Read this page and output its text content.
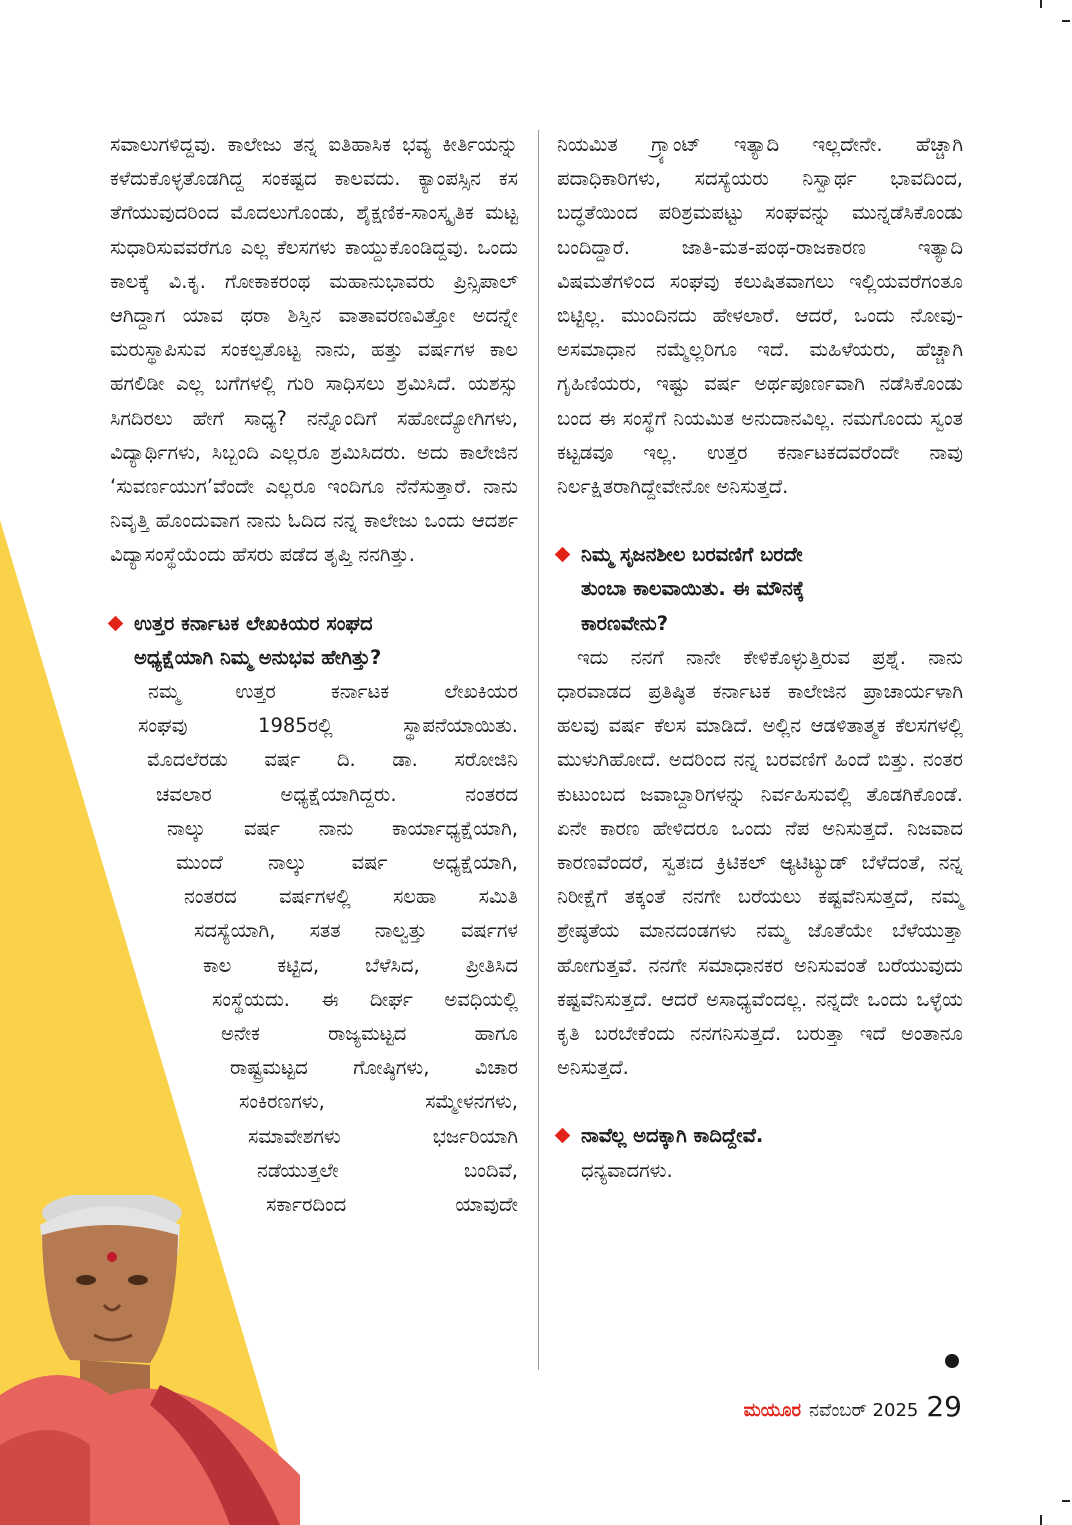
ಸವಾಲುಗಳಿದ್ದವು. ಕಾಲೇಜು ತನ್ನ ಐತಿಹಾಸಿಕ ಭವ್ಯ ಕೀರ್ತಿಯನ್ನು ಕಳೆದುಕೊಳ್ಳತೊಡಗಿದ್ದ ಸಂಕಷ್ಟದ ಕಾಲವದು. ಕ್ಯಾಂಪಸ್ಸಿನ ಕಸ ತೆಗೆಯುವುದರಿಂದ ಮೊದಲುಗೊಂಡು, ಶೈಕ್ಷಣಿಕ-ಸಾಂಸ್ಕೃತಿಕ ಮಟ್ಟ ಸುಧಾರಿಸುವವರೆಗೂ ಎಲ್ಲ ಕೆಲಸಗಳು ಕಾಯ್ದುಕೊಂಡಿದ್ದವು. ಒಂದು ಕಾಲಕ್ಕೆ ವಿ.ಕೃ. ಗೋಕಾಕರಂಥ ಮಹಾನುಭಾವರು ಪ್ರಿನ್ಸಿಪಾಲ್ ಆಗಿದ್ದಾಗ ಯಾವ ಥರಾ ಶಿಸ್ತಿನ ವಾತಾವರಣವಿತ್ತೋ ಅದನ್ನೇ ಮರುಸ್ಥಾಪಿಸುವ ಸಂಕಲ್ಪತೊಟ್ಟ ನಾನು, ಹತ್ತು ವರ್ಷಗಳ ಕಾಲ ಹಗಲಿಡೀ ಎಲ್ಲ ಬಗೆಗಳಲ್ಲಿ ಗುರಿ ಸಾಧಿಸಲು ಶ್ರಮಿಸಿದೆ. ಯಶಸ್ಸು ಸಿಗದಿರಲು ಹೇಗೆ ಸಾಧ್ಯ? ನನ್ನೊಂದಿಗೆ ಸಹೋದ್ಯೋಗಿಗಳು, ವಿದ್ಯಾರ್ಥಿಗಳು, ಸಿಬ್ಬಂದಿ ಎಲ್ಲರೂ ಶ್ರಮಿಸಿದರು. ಅದು ಕಾಲೇಜಿನ ‘ಸುವರ್ಣಯುಗ’ವೆಂದೇ ಎಲ್ಲರೂ ಇಂದಿಗೂ ನೆನೆಸುತ್ತಾರೆ. ನಾನು ನಿವೃತ್ತಿ ಹೊಂದುವಾಗ ನಾನು ಓದಿದ ನನ್ನ ಕಾಲೇಜು ಒಂದು ಆದರ್ಶ ವಿದ್ಯಾಸಂಸ್ಥೆಯೆಂದು ಹೆಸರು ಪಡೆದ ತೃಪ್ತಿ ನನಗಿತ್ತು.

ಉತ್ತರ ಕರ್ನಾಟಕ ಲೇಖಕಿಯರ ಸಂಘದ
ಅಧ್ಯಕ್ಷೆಯಾಗಿ ನಿಮ್ಮ ಅನುಭವ ಹೇಗಿತ್ತು?

ನಮ್ಮ ಉತ್ತರ ಕರ್ನಾಟಕ ಲೇಖಕಿಯರ

ಸಂಘವು 1985ರಲ್ಲಿ ಸ್ಥಾಪನೆಯಾಯಿತು.

ಮೊದಲೆರಡು ವರ್ಷ ದಿ. ಡಾ. ಸರೋಜಿನಿ

ಚವಲಾರ ಅಧ್ಯಕ್ಷೆಯಾಗಿದ್ದರು. ನಂತರದ

ನಾಲ್ಕು ವರ್ಷ ನಾನು ಕಾರ್ಯಾಧ್ಯಕ್ಷೆಯಾಗಿ,

ಮುಂದೆ ನಾಲ್ಕು ವರ್ಷ ಅಧ್ಯಕ್ಷೆಯಾಗಿ,

ನಂತರದ ವರ್ಷಗಳಲ್ಲಿ ಸಲಹಾ ಸಮಿತಿ

ಸದಸ್ಯೆಯಾಗಿ, ಸತತ ನಾಲ್ವತ್ತು ವರ್ಷಗಳ

ಕಾಲ ಕಟ್ಟಿದ, ಬೆಳೆಸಿದ, ಪ್ರೀತಿಸಿದ

ಸಂಸ್ಥೆಯದು. ಈ ದೀರ್ಘ ಅವಧಿಯಲ್ಲಿ

ಅನೇಕ ರಾಜ್ಯಮಟ್ಟದ ಹಾಗೂ

ರಾಷ್ಟ್ರಮಟ್ಟದ ಗೋಷ್ಠಿಗಳು, ವಿಚಾರ

ಸಂಕಿರಣಗಳು, ಸಮ್ಮೇಳನಗಳು,

ಸಮಾವೇಶಗಳು ಭರ್ಜರಿಯಾಗಿ

ನಡೆಯುತ್ತಲೇ ಬಂದಿವೆ,

ಸರ್ಕಾರದಿಂದ ಯಾವುದೇ

ನಿಯಮಿತ ಗ್ರ್ಯಾಂಟ್ ಇತ್ಯಾದಿ ಇಲ್ಲದೇನೇ. ಹೆಚ್ಚಾಗಿ ಪದಾಧಿಕಾರಿಗಳು, ಸದಸ್ಯೆಯರು ನಿಸ್ವಾರ್ಥ ಭಾವದಿಂದ, ಬದ್ಧತೆಯಿಂದ ಪರಿಶ್ರಮಪಟ್ಟು ಸಂಘವನ್ನು ಮುನ್ನಡೆಸಿಕೊಂಡು ಬಂದಿದ್ದಾರೆ. ಜಾತಿ-ಮತ-ಪಂಥ-ರಾಜಕಾರಣ ಇತ್ಯಾದಿ ವಿಷಮತೆಗಳಿಂದ ಸಂಘವು ಕಲುಷಿತವಾಗಲು ಇಲ್ಲಿಯವರೆಗಂತೂ ಬಿಟ್ಟಿಲ್ಲ. ಮುಂದಿನದು ಹೇಳಲಾರೆ. ಆದರೆ, ಒಂದು ನೋವು-ಅಸಮಾಧಾನ ನಮ್ಮೆಲ್ಲರಿಗೂ ಇದೆ. ಮಹಿಳೆಯರು, ಹೆಚ್ಚಾಗಿ ಗೃಹಿಣಿಯರು, ಇಷ್ಟು ವರ್ಷ ಅರ್ಥಪೂರ್ಣವಾಗಿ ನಡೆಸಿಕೊಂಡು ಬಂದ ಈ ಸಂಸ್ಥೆಗೆ ನಿಯಮಿತ ಅನುದಾನವಿಲ್ಲ. ನಮಗೊಂದು ಸ್ವಂತ ಕಟ್ಟಡವೂ ಇಲ್ಲ. ಉತ್ತರ ಕರ್ನಾಟಕದವರೆಂದೇ ನಾವು ನಿರ್ಲಕ್ಷಿತರಾಗಿದ್ದೇವೇನೋ ಅನಿಸುತ್ತದೆ.

ನಿಮ್ಮ ಸೃಜನಶೀಲ ಬರವಣಿಗೆ ಬರದೇ
ತುಂಬಾ ಕಾಲವಾಯಿತು. ಈ ಮೌನಕ್ಕೆ
ಕಾರಣವೇನು?

ಇದು ನನಗೆ ನಾನೇ ಕೇಳಿಕೊಳ್ಳುತ್ತಿರುವ ಪ್ರಶ್ನೆ. ನಾನು ಧಾರವಾಡದ ಪ್ರತಿಷ್ಠಿತ ಕರ್ನಾಟಕ ಕಾಲೇಜಿನ ಪ್ರಾಚಾರ್ಯಳಾಗಿ ಹಲವು ವರ್ಷ ಕೆಲಸ ಮಾಡಿದೆ. ಅಲ್ಲಿನ ಆಡಳಿತಾತ್ಮಕ ಕೆಲಸಗಳಲ್ಲಿ ಮುಳುಗಿಹೋದೆ. ಅದರಿಂದ ನನ್ನ ಬರವಣಿಗೆ ಹಿಂದೆ ಬಿತ್ತು. ನಂತರ ಕುಟುಂಬದ ಜವಾಬ್ದಾರಿಗಳನ್ನು ನಿರ್ವಹಿಸುವಲ್ಲಿ ತೊಡಗಿಕೊಂಡೆ. ಏನೇ ಕಾರಣ ಹೇಳಿದರೂ ಒಂದು ನೆಪ ಅನಿಸುತ್ತದೆ. ನಿಜವಾದ ಕಾರಣವೆಂದರೆ, ಸ್ವತಃದ ಕ್ರಿಟಿಕಲ್ ಆ್ಯಟಿಟ್ಯುಡ್ ಬೆಳೆದಂತೆ, ನನ್ನ ನಿರೀಕ್ಷೆಗೆ ತಕ್ಕಂತೆ ನನಗೇ ಬರೆಯಲು ಕಷ್ಟವೆನಿಸುತ್ತದೆ, ನಮ್ಮ ಶ್ರೇಷ್ಠತೆಯ ಮಾನದಂಡಗಳು ನಮ್ಮ ಜೊತೆಯೇ ಬೆಳೆಯುತ್ತಾ ಹೋಗುತ್ತವೆ. ನನಗೇ ಸಮಾಧಾನಕರ ಅನಿಸುವಂತೆ ಬರೆಯುವುದು ಕಷ್ಟವೆನಿಸುತ್ತದೆ. ಆದರೆ ಅಸಾಧ್ಯವೆಂದಲ್ಲ. ನನ್ನದೇ ಒಂದು ಒಳ್ಳೆಯ ಕೃತಿ ಬರಬೇಕೆಂದು ನನಗನಿಸುತ್ತದೆ. ಬರುತ್ತಾ ಇದೆ ಅಂತಾನೂ ಅನಿಸುತ್ತದೆ.

ನಾವೆಲ್ಲ ಅದಕ್ಕಾಗಿ ಕಾದಿದ್ದೇವೆ.
ಧನ್ಯವಾದಗಳು.

ಮಯೂರ ನವೆಂಬರ್ 2025 29
